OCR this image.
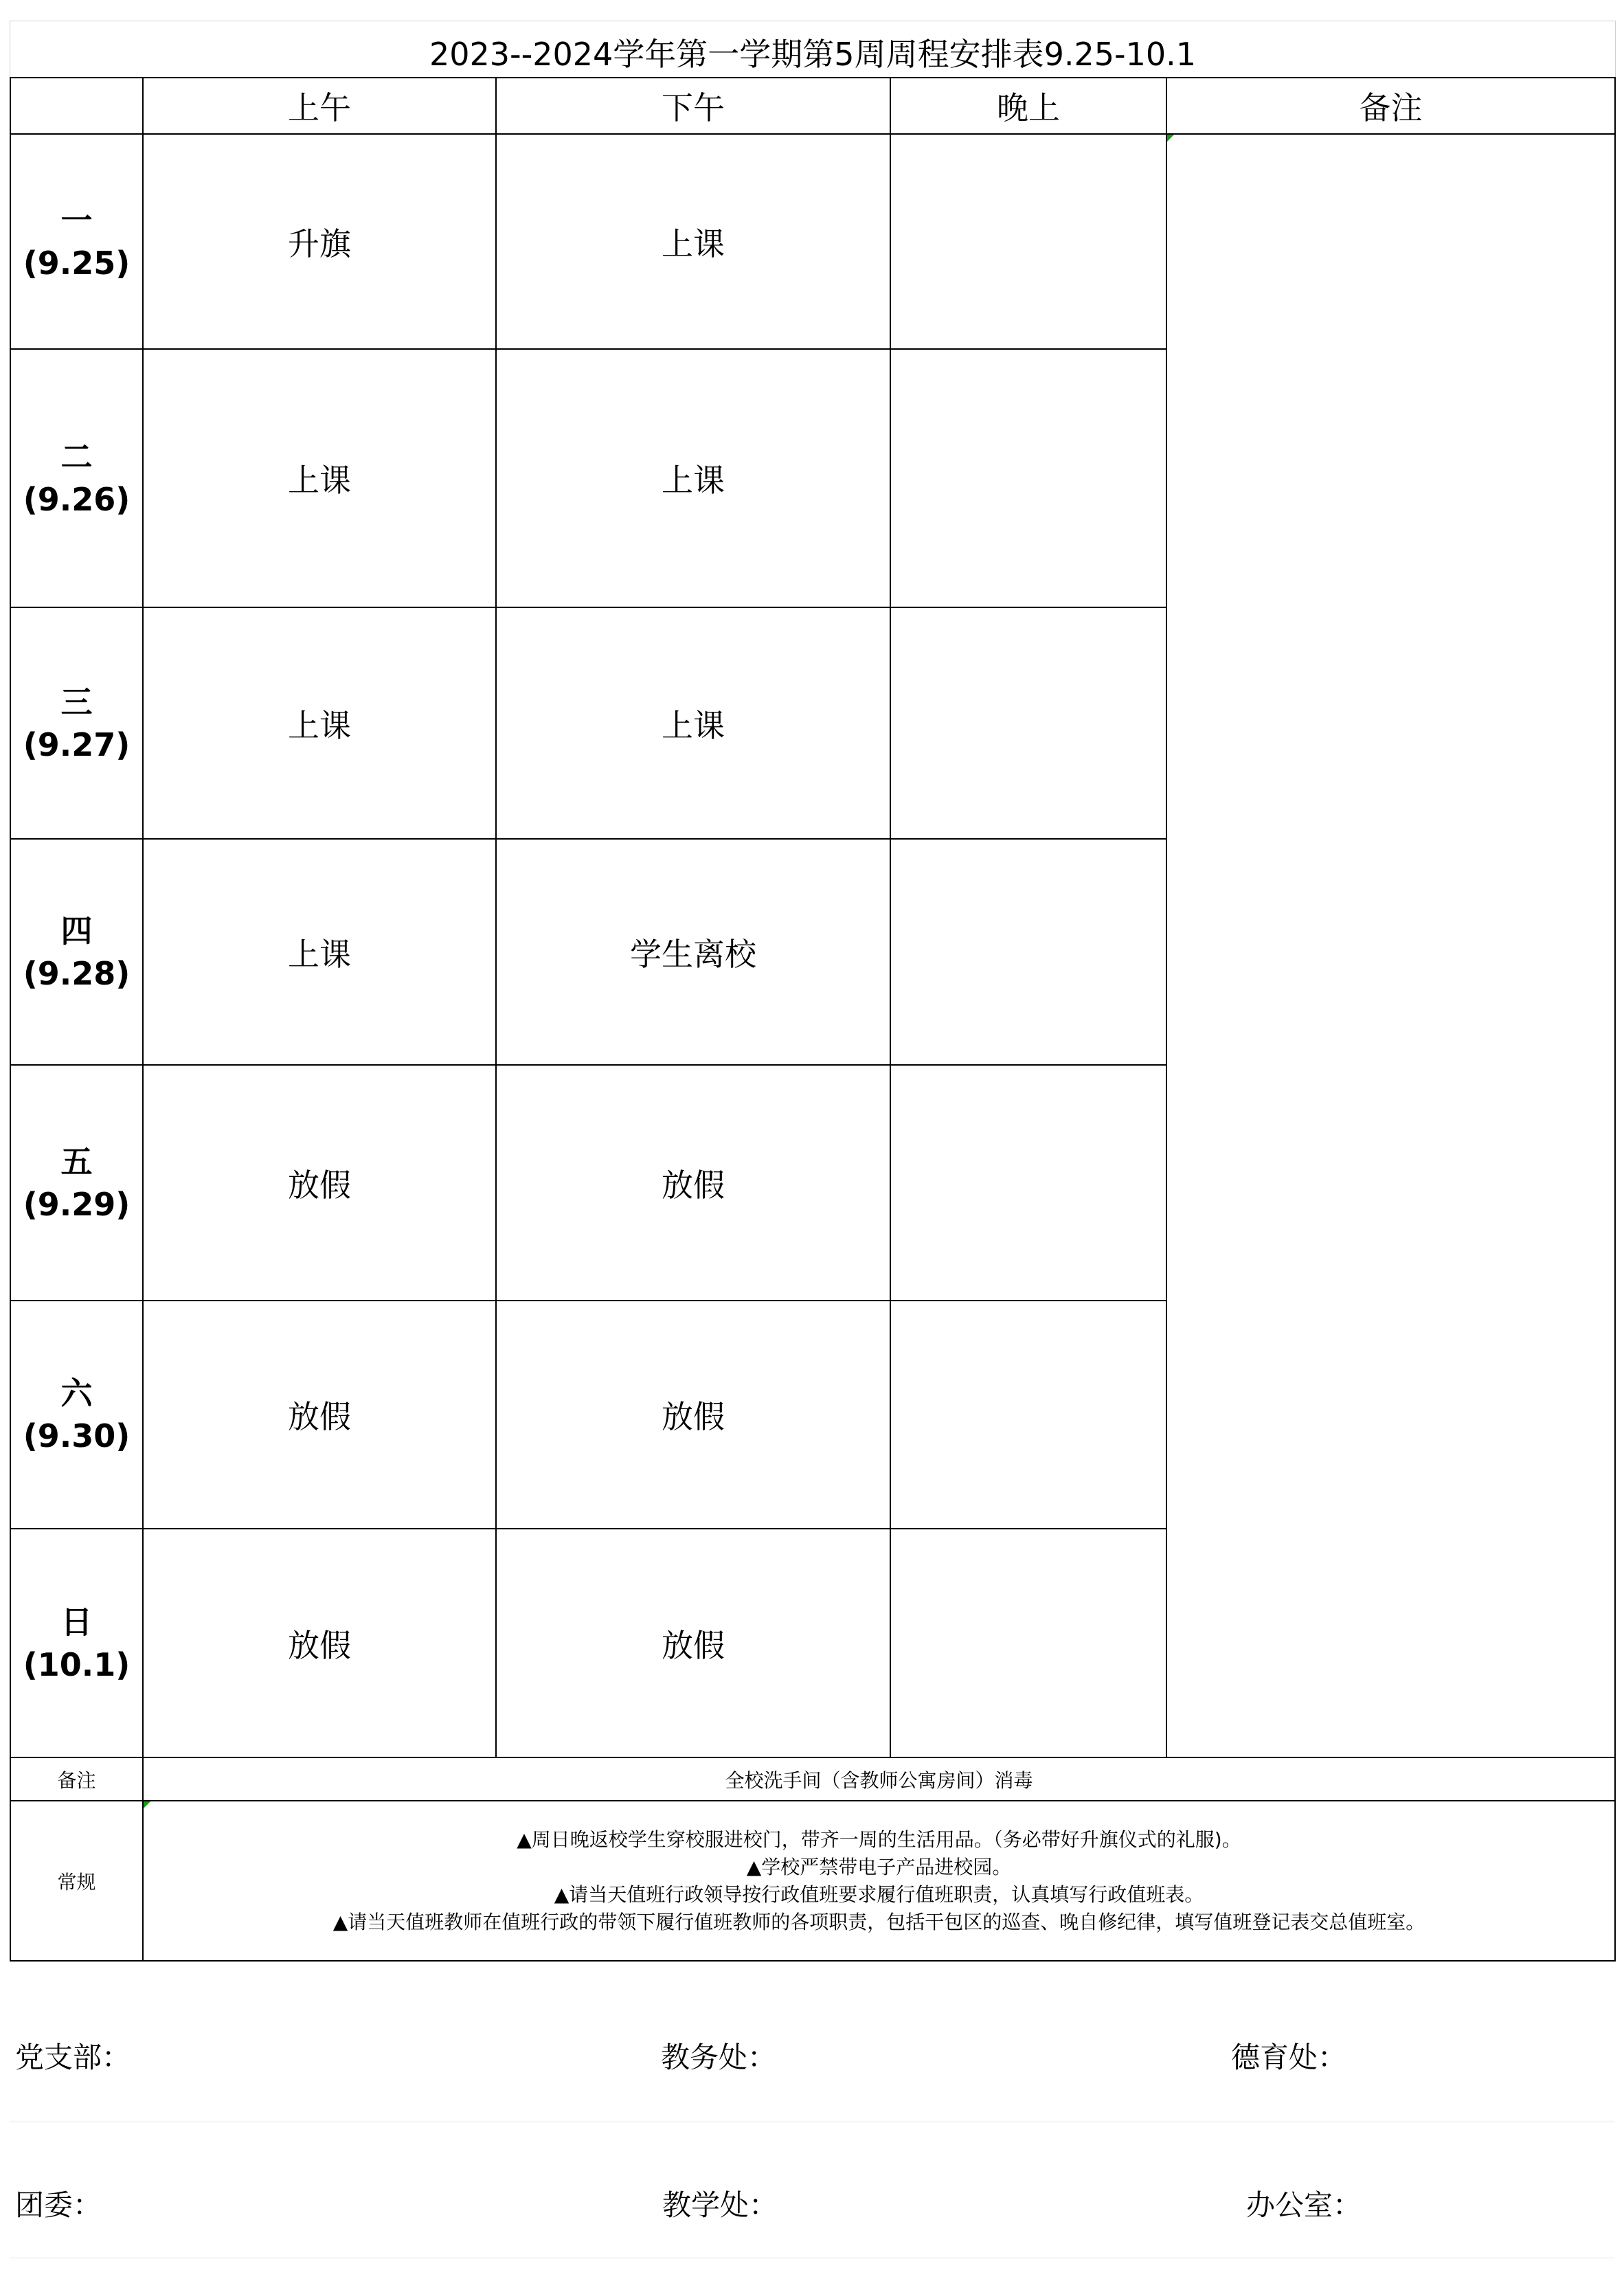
2023--2024学年第一学期第5周周程安排表9.25-10.1
	上午	下午	晚上	备注

一
(9.25)	升旗	上课		

二
(9.26)	上课	上课		

三
(9.27)	上课	上课		

四
(9.28)	上课	学生离校		

五
(9.29)	放假	放假		

六
(9.30)	放假	放假		

日
(10.1)	放假	放假		
备注	全校洗手间（含教师公寓房间）消毒			
常规	▲周日晚返校学生穿校服进校门，带齐一周的生活用品。（务必带好升旗仪式的礼服)。
▲学校严禁带电子产品进校园。
▲请当天值班行政领导按行政值班要求履行值班职责，认真填写行政值班表。
▲请当天值班教师在值班行政的带领下履行值班教师的各项职责，包括干包区的巡查、晚自修纪律，填写值班登记表交总值班室。			
党支部：	教务处：	德育处：
团委：	教学处：	办公室：
